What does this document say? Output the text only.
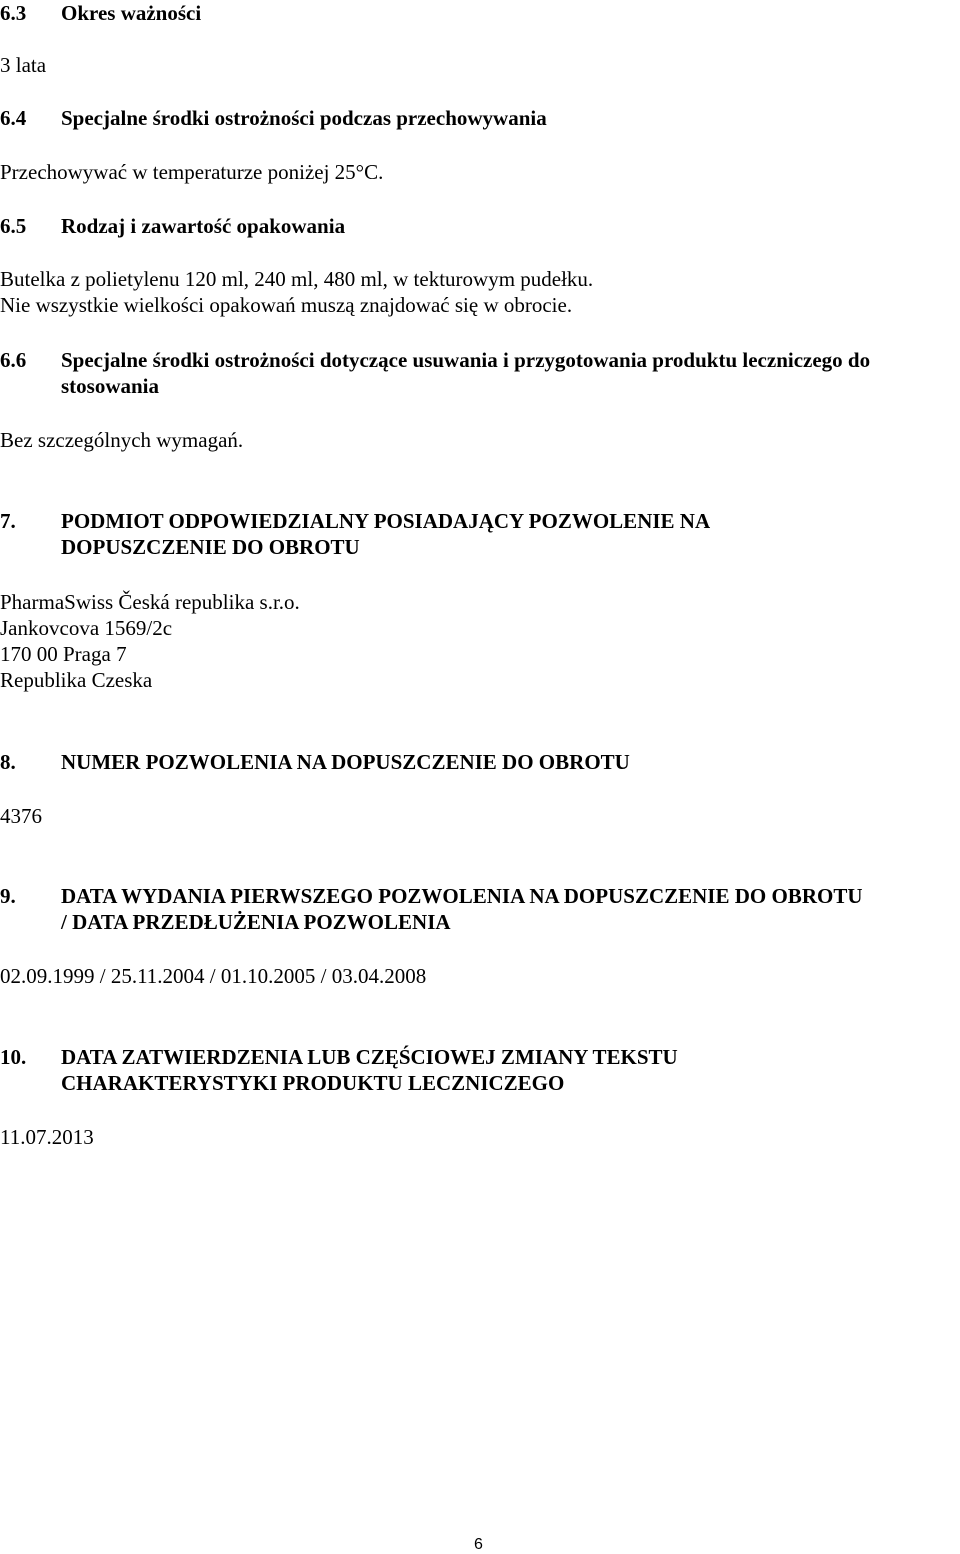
6.3 Okres ważności
3 lata
6.4 Specjalne środki ostrożności podczas przechowywania
Przechowywać w temperaturze poniżej 25°C.
6.5 Rodzaj i zawartość opakowania
Butelka z polietylenu 120 ml, 240 ml, 480 ml, w tekturowym pudełku.
Nie wszystkie wielkości opakowań muszą znajdować się w obrocie.
6.6 Specjalne środki ostrożności dotyczące usuwania i przygotowania produktu leczniczego do
stosowania
Bez szczególnych wymagań.
7. PODMIOT ODPOWIEDZIALNY POSIADAJĄCY POZWOLENIE NA
DOPUSZCZENIE DO OBROTU
PharmaSwiss Česká republika s.r.o.
Jankovcova 1569/2c
170 00 Praga 7
Republika Czeska
8. NUMER POZWOLENIA NA DOPUSZCZENIE DO OBROTU
4376
9. DATA WYDANIA PIERWSZEGO POZWOLENIA NA DOPUSZCZENIE DO OBROTU
/ DATA PRZEDŁUŻENIA POZWOLENIA
02.09.1999 / 25.11.2004 / 01.10.2005 / 03.04.2008
10. DATA ZATWIERDZENIA LUB CZĘŚCIOWEJ ZMIANY TEKSTU
CHARAKTERYSTYKI PRODUKTU LECZNICZEGO
11.07.2013
6
